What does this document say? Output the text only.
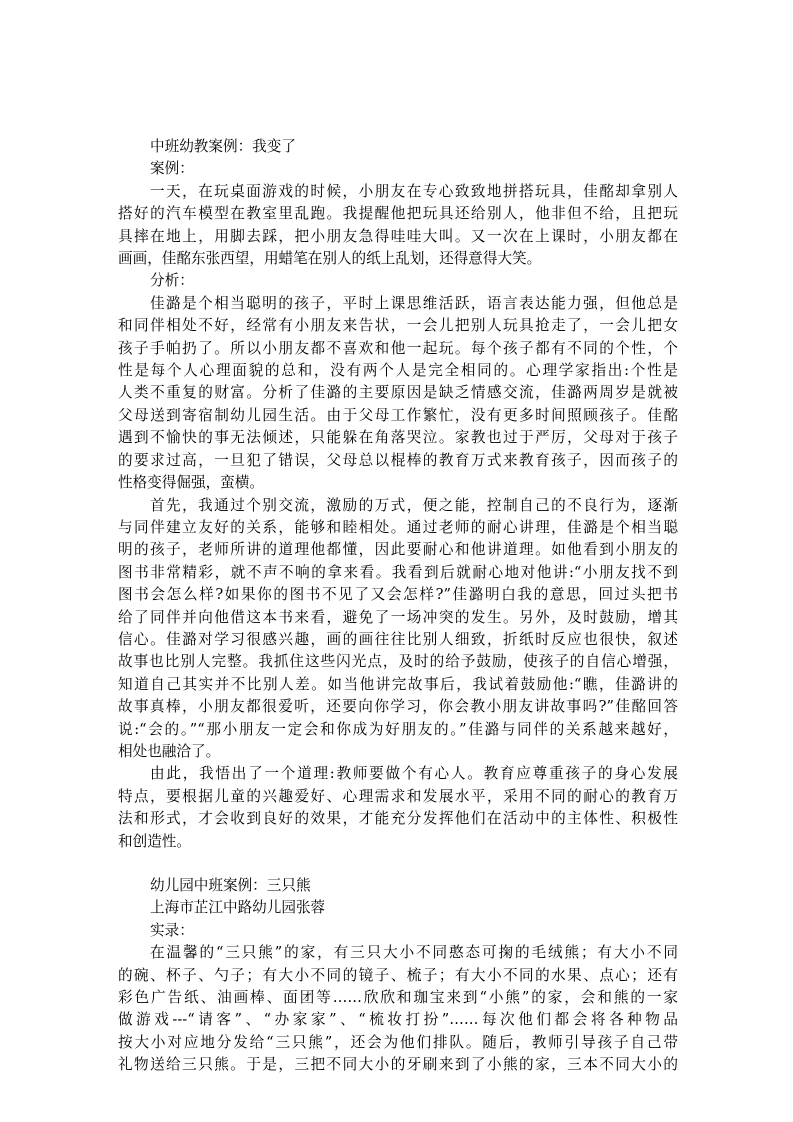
中班幼教案例：我变了

案例：

一天，在玩桌面游戏的时候，小朋友在专心致致地拼搭玩具，佳酩却拿别人

搭好的汽车模型在教室里乱跑。我提醒他把玩具还给别人，他非但不给，且把玩

具摔在地上，用脚去踩，把小朋友急得哇哇大叫。又一次在上课时，小朋友都在

画画，佳酩东张西望，用蜡笔在别人的纸上乱划，还得意得大笑。

分析：

佳潞是个相当聪明的孩子，平时上课思维活跃，语言表达能力强，但他总是

和同伴相处不好，经常有小朋友来告状，一会儿把别人玩具抢走了，一会儿把女

孩子手帕扔了。所以小朋友都不喜欢和他一起玩。每个孩子都有不同的个性，个

性是每个人心理面貌的总和，没有两个人是完全相同的。心理学家指出:个性是

人类不重复的财富。分析了佳潞的主要原因是缺乏情感交流，佳潞两周岁是就被

父母送到寄宿制幼儿园生活。由于父母工作繁忙，没有更多时间照顾孩子。佳酩

遇到不愉快的事无法倾述，只能躲在角落哭泣。家教也过于严厉，父母对于孩子

的要求过高，一旦犯了错误，父母总以棍棒的教育万式来教育孩子，因而孩子的

性格变得倔强，蛮横。

首先，我通过个别交流，激励的万式，便之能，控制自己的不良行为，逐渐

与同伴建立友好的关系，能够和睦相处。通过老师的耐心讲理，佳潞是个相当聪

明的孩子，老师所讲的道理他都懂，因此要耐心和他讲道理。如他看到小朋友的

图书非常精彩，就不声不响的拿来看。我看到后就耐心地对他讲:“小朋友找不到

图书会怎么样?如果你的图书不见了又会怎样?”佳潞明白我的意思，回过头把书

给了同伴并向他借这本书来看，避免了一场冲突的发生。另外，及时鼓励，增其

信心。佳潞对学习很感兴趣，画的画往往比别人细致，折纸时反应也很快，叙述

故事也比别人完整。我抓住这些闪光点，及时的给予鼓励，使孩子的自信心增强，

知道自己其实并不比别人差。如当他讲完故事后，我试着鼓励他:“瞧，佳潞讲的

故事真棒，小朋友都很爱听，还要向你学习，你会教小朋友讲故事吗?”佳酩回答

说:“会的。”“那小朋友一定会和你成为好朋友的。”佳潞与同伴的关系越来越好，

相处也融洽了。

由此，我悟出了一个道理:教师要做个有心人。教育应尊重孩子的身心发展

特点，要根据儿童的兴趣爱好、心理需求和发展水平，采用不同的耐心的教育万

法和形式，才会收到良好的效果，才能充分发挥他们在活动中的主体性、积极性

和创造性。

幼儿园中班案例：三只熊

上海市芷江中路幼儿园张蓉

实录：

在温馨的“三只熊”的家，有三只大小不同憨态可掬的毛绒熊；有大小不同

的碗、杯子、勺子；有大小不同的镜子、梳子；有大小不同的水果、点心；还有

彩色广告纸、油画棒、面团等……欣欣和珈宝来到“小熊”的家，会和熊的一家

做游戏---“请客”、“办家家”、“梳妆打扮”……每次他们都会将各种物品

按大小对应地分发给“三只熊”，还会为他们排队。随后，教师引导孩子自己带

礼物送给三只熊。于是，三把不同大小的牙刷来到了小熊的家，三本不同大小的
